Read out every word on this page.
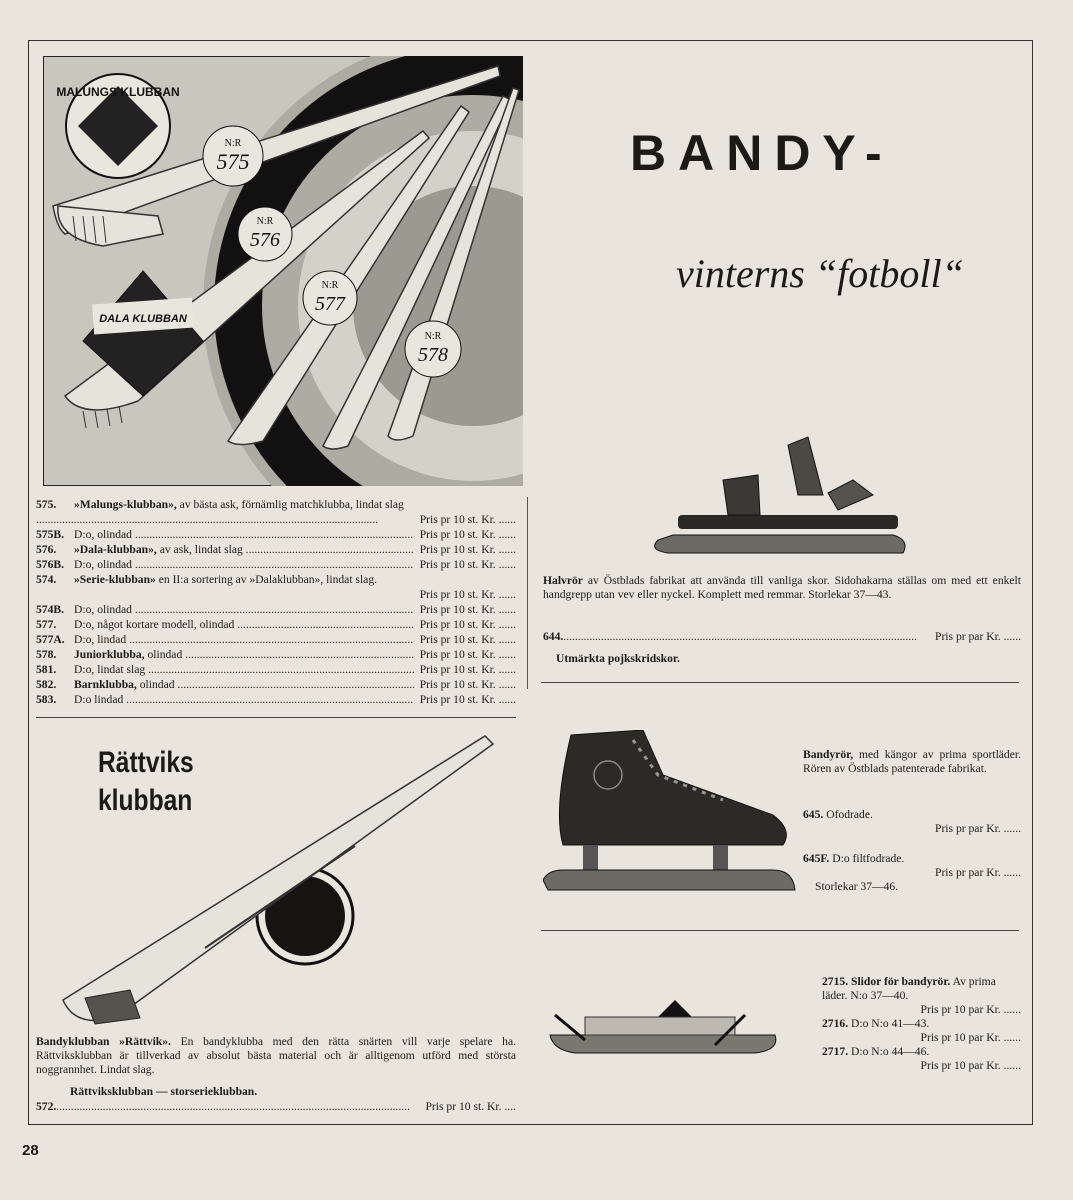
MALUNGS KLUBBAN
DALA KLUBBAN
N:R
575
N:R
576
N:R
577
N:R
578
BANDY-
vinterns “fotboll“

Halvrör av Östblads fabrikat att använda till vanliga skor. Sidohakarna ställas om med ett enkelt handgrepp utan vev eller nyckel. Komplett med remmar. Storlekar 37—43.

644. .....	Pris pr par Kr. ......
Utmärkta pojkskridskor.
575.	»Malungs-klubban», av bästa ask, förnämlig matchklubba, lindat slag
.....
Pris pr 10 st. Kr. ......
575B. D:o, olindad .....	Pris pr 10 st. Kr. ......
576.	»Dala-klubban», av ask, lindat slag .....	Pris pr 10 st. Kr. ......
576B. D:o, olindad .....	Pris pr 10 st. Kr. ......
574.	»Serie-klubban» en II:a sortering av »Dalaklubban», lindat slag.
Pris pr 10 st. Kr. ......
574B. D:o, olindad .....	Pris pr 10 st. Kr. ......
577.	D:o, något kortare modell, olindad .....	Pris pr 10 st. Kr. ......
577A. D:o, lindad .....	Pris pr 10 st. Kr. ......
578.	Juniorklubba, olindad .....	Pris pr 10 st. Kr. ......
581.	D:o, lindat slag .....	Pris pr 10 st. Kr. ......
582.	Barnklubba, olindad .....	Pris pr 10 st. Kr. ......
583.	D:o lindad .....	Pris pr 10 st. Kr. ......
Rättviks
klubban

Bandyklubban »Rättvik». En bandyklubba med den rätta snärten vill varje spelare ha. Rättviksklubban är tillverkad av absolut bästa material och är alltigenom utförd med största noggrannhet. Lindat slag.

Rättviksklubban — storserieklubban.
572. .....	Pris pr 10 st. Kr. ....

Bandyrör, med kängor av prima sportläder. Rören av Östblads patenterade fabrikat.

645. Ofodrade.
Pris pr par Kr. ......
645F. D:o filtfodrade.
Pris pr par Kr. ......
Storlekar 37—46.
2715. Slidor för bandyrör. Av prima läder. N:o 37—40.
Pris pr 10 par Kr. ......
2716. D:o N:o 41—43.
Pris pr 10 par Kr. ......
2717. D:o N:o 44—46.
Pris pr 10 par Kr. ......
28
